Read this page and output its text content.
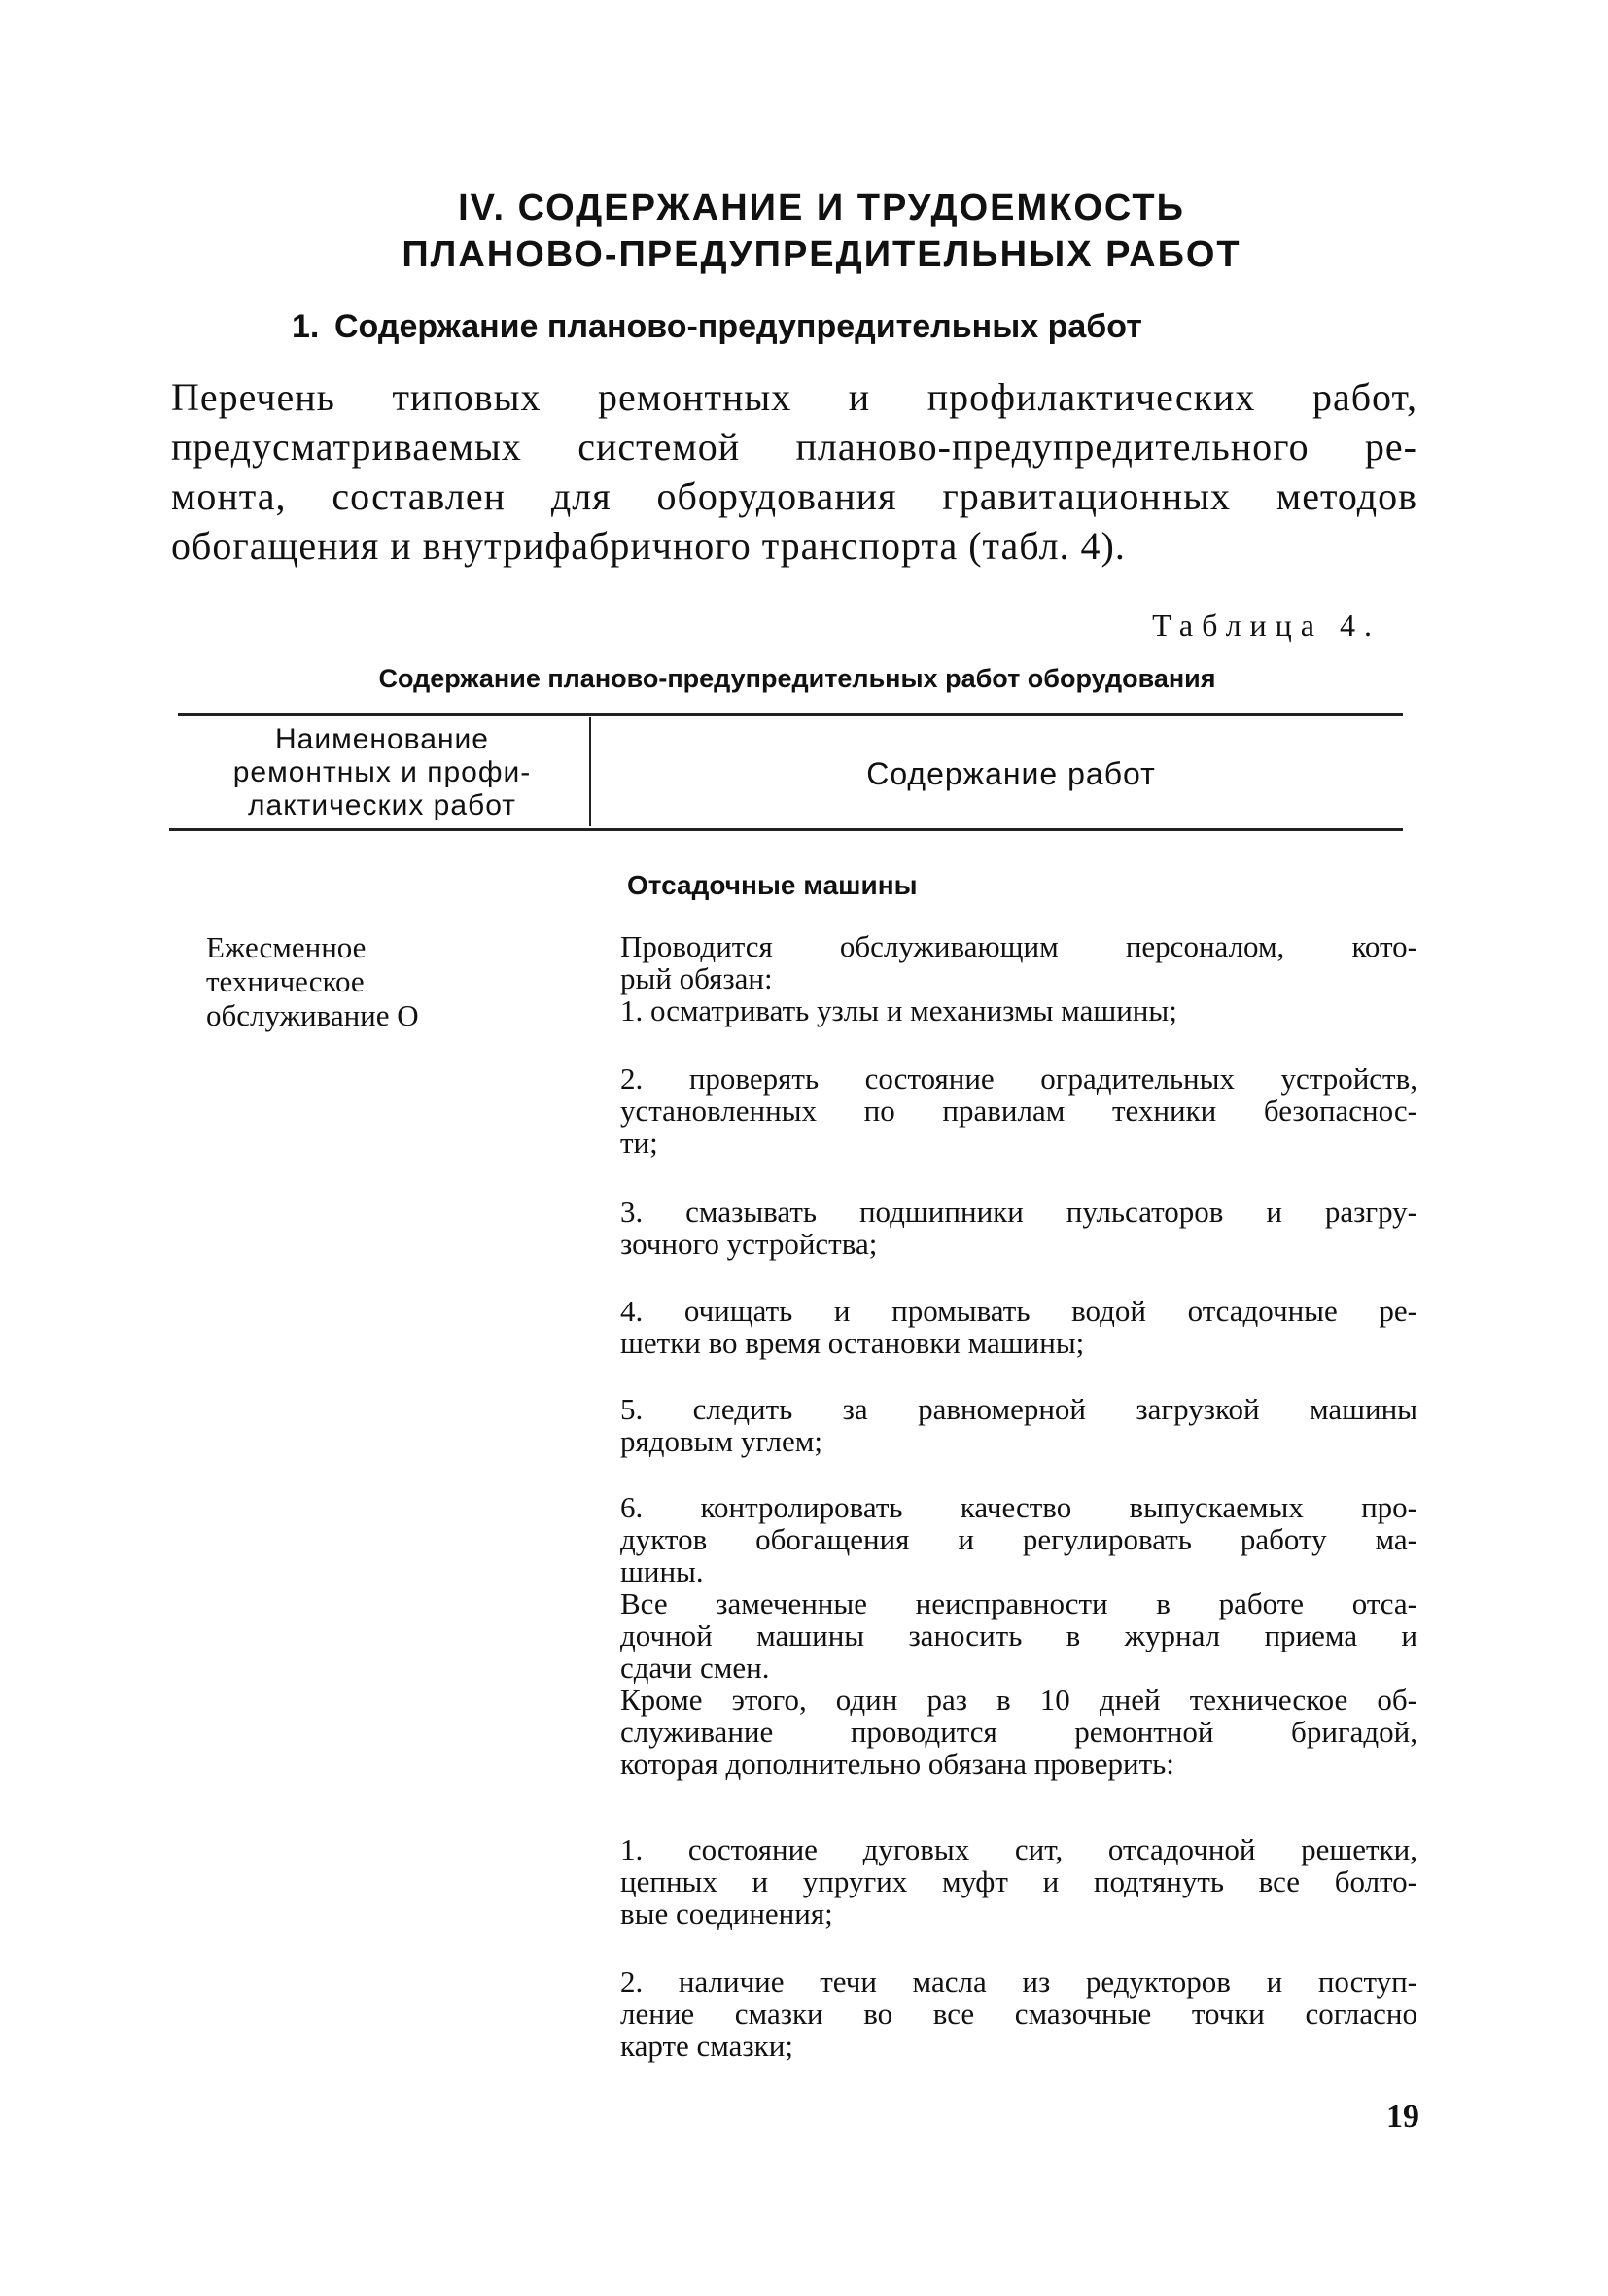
IV. СОДЕРЖАНИЕ И ТРУДОЕМКОСТЬ
ПЛАНОВО-ПРЕДУПРЕДИТЕЛЬНЫХ РАБОТ
1. Содержание планово-предупредительных работ
Перечень типовых ремонтных и профилактических работ,
предусматриваемых системой планово-предупредительного ре-
монта, составлен для оборудования гравитационных методов
обогащения и внутрифабричного транспорта (табл. 4).
Таблица 4.
Содержание планово-предупредительных работ оборудования
Наименование
ремонтных и профи-
лактических работ
Содержание работ
Отсадочные машины
Ежесменное
техническое
обслуживание О
Проводится обслуживающим персоналом, кото-
рый обязан:
1. осматривать узлы и механизмы машины;
2. проверять состояние оградительных устройств,
установленных по правилам техники безопаснос-
ти;
3. смазывать подшипники пульсаторов и разгру-
зочного устройства;
4. очищать и промывать водой отсадочные ре-
шетки во время остановки машины;
5. следить за равномерной загрузкой машины
рядовым углем;
6. контролировать качество выпускаемых про-
дуктов обогащения и регулировать работу ма-
шины.
Все замеченные неисправности в работе отса-
дочной машины заносить в журнал приема и
сдачи смен.
Кроме этого, один раз в 10 дней техническое об-
служивание проводится ремонтной бригадой,
которая дополнительно обязана проверить:
1. состояние дуговых сит, отсадочной решетки,
цепных и упругих муфт и подтянуть все болто-
вые соединения;
2. наличие течи масла из редукторов и поступ-
ление смазки во все смазочные точки согласно
карте смазки;
19
